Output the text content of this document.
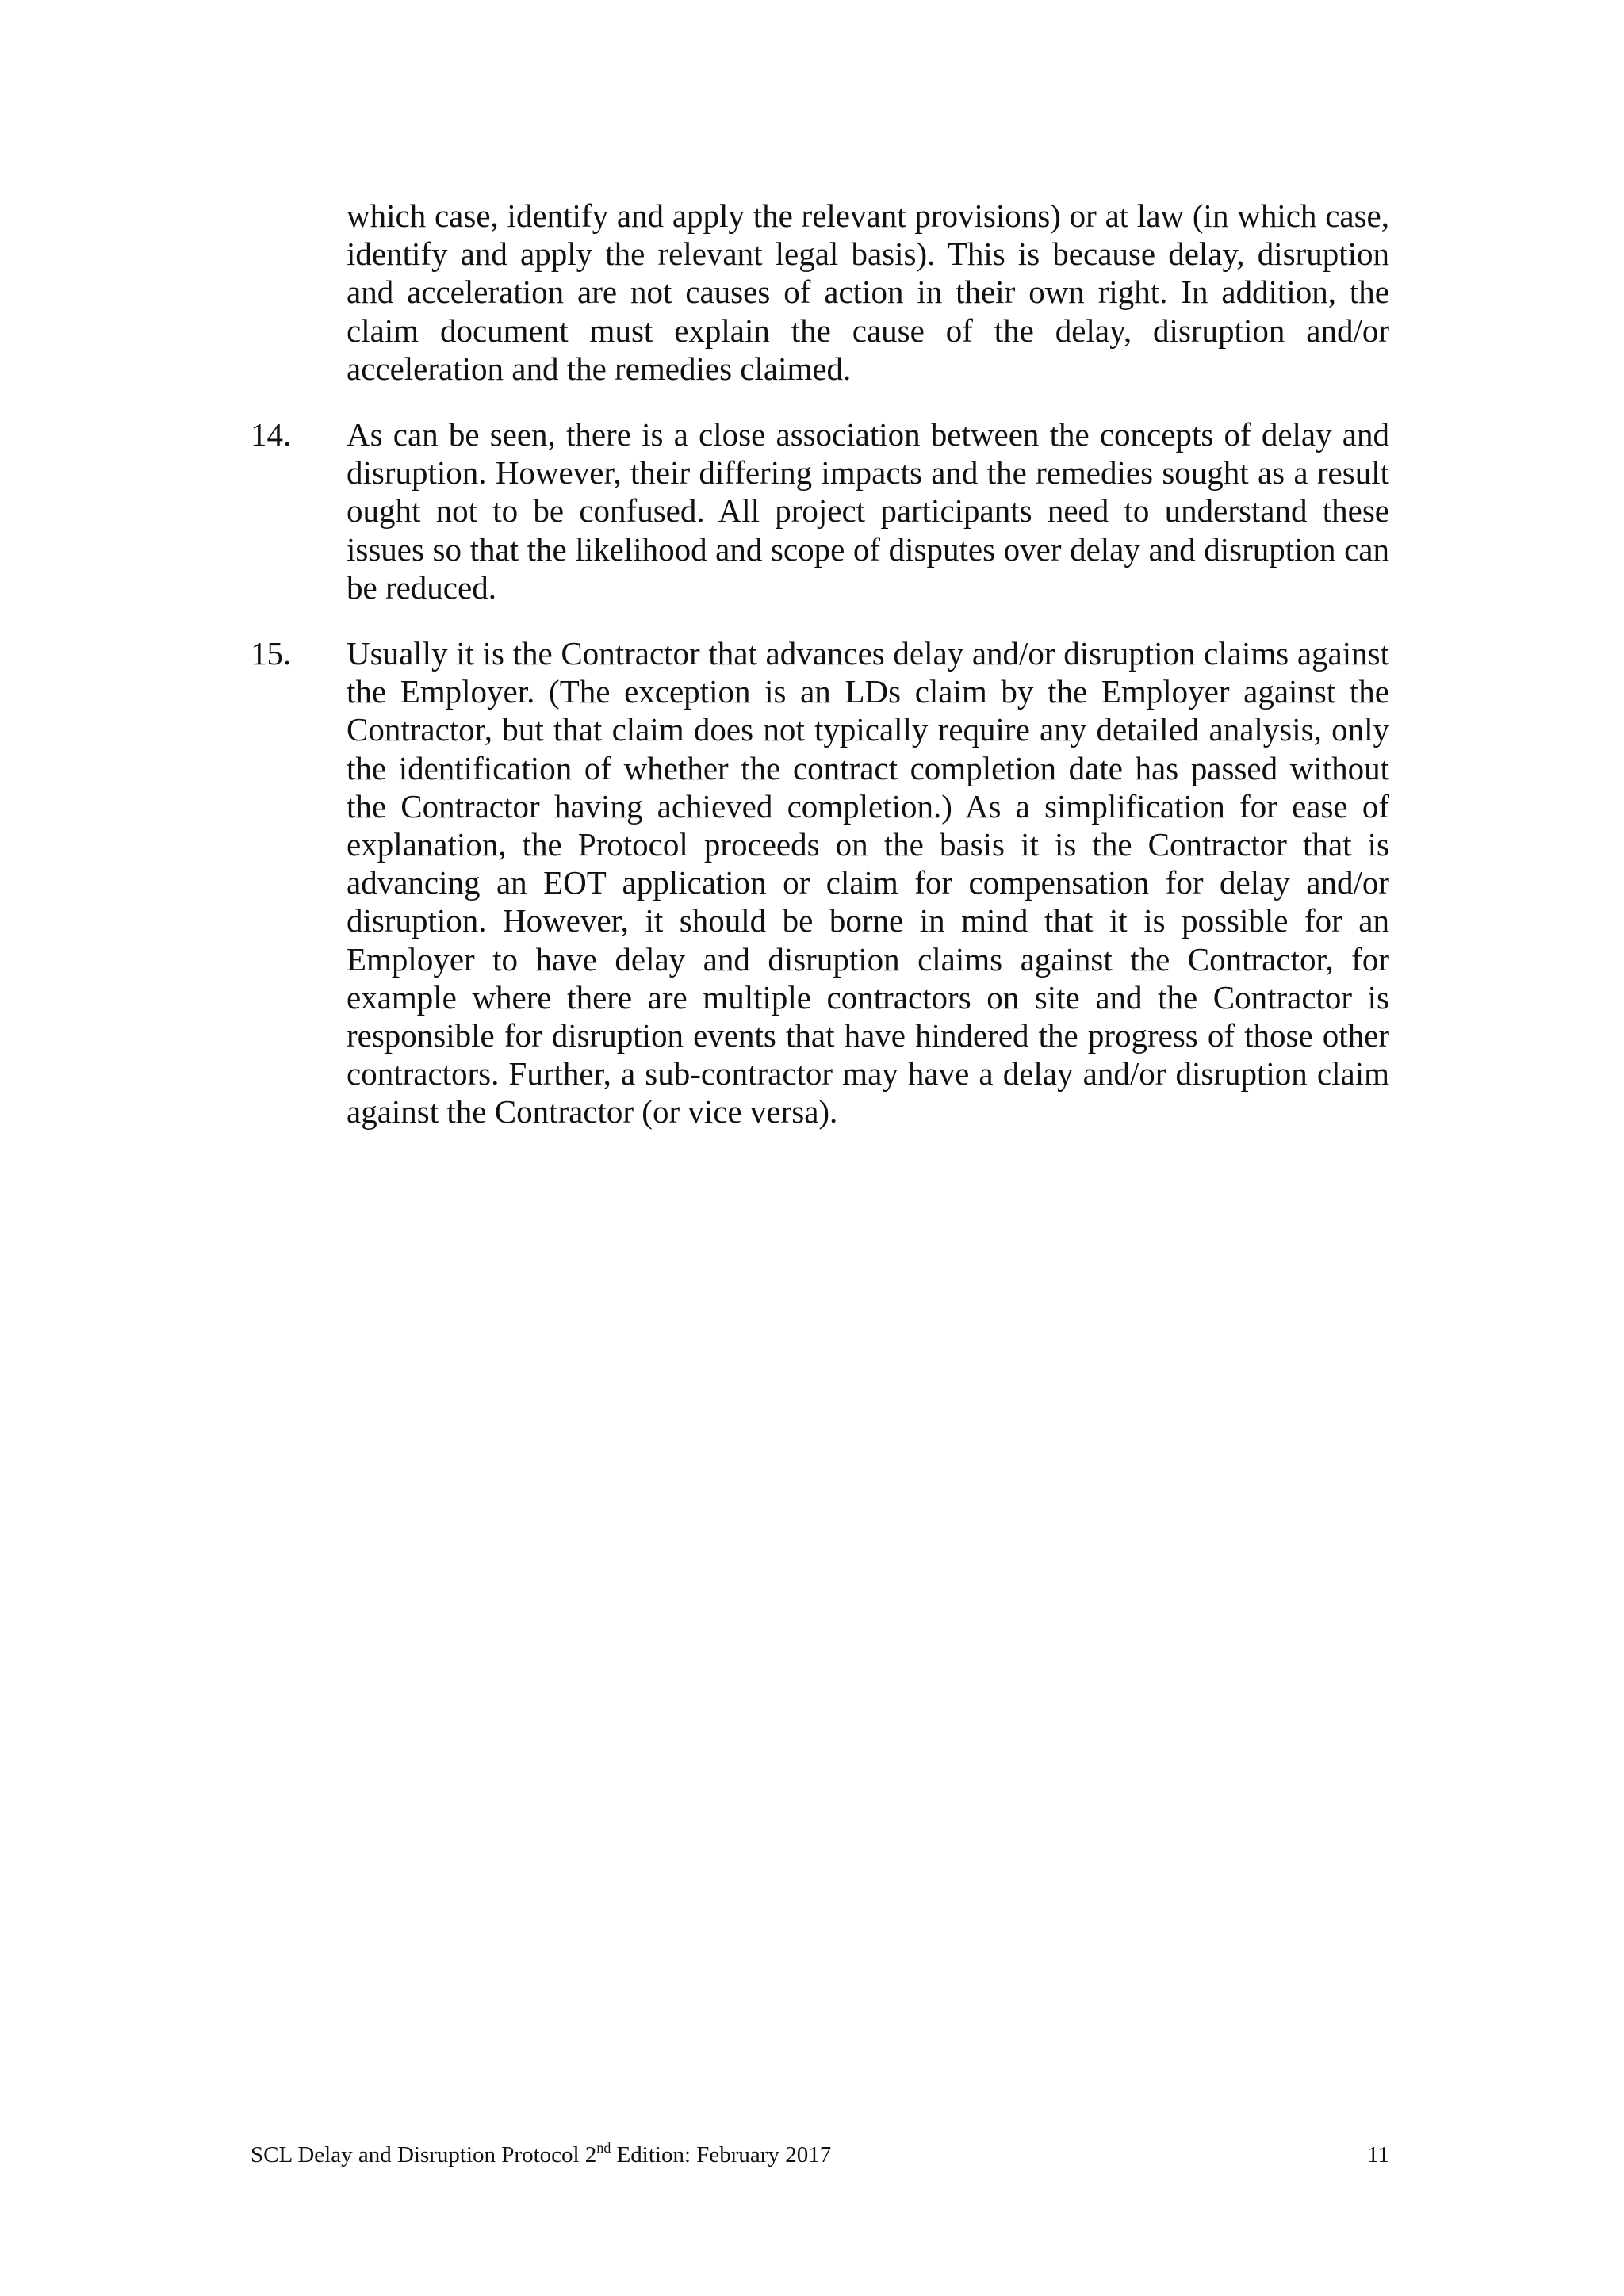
which case, identify and apply the relevant provisions) or at law (in which case, identify and apply the relevant legal basis). This is because delay, disruption and acceleration are not causes of action in their own right. In addition, the claim document must explain the cause of the delay, disruption and/or acceleration and the remedies claimed.
14. As can be seen, there is a close association between the concepts of delay and disruption. However, their differing impacts and the remedies sought as a result ought not to be confused. All project participants need to understand these issues so that the likelihood and scope of disputes over delay and disruption can be reduced.
15. Usually it is the Contractor that advances delay and/or disruption claims against the Employer. (The exception is an LDs claim by the Employer against the Contractor, but that claim does not typically require any detailed analysis, only the identification of whether the contract completion date has passed without the Contractor having achieved completion.) As a simplification for ease of explanation, the Protocol proceeds on the basis it is the Contractor that is advancing an EOT application or claim for compensation for delay and/or disruption. However, it should be borne in mind that it is possible for an Employer to have delay and disruption claims against the Contractor, for example where there are multiple contractors on site and the Contractor is responsible for disruption events that have hindered the progress of those other contractors. Further, a sub-contractor may have a delay and/or disruption claim against the Contractor (or vice versa).
SCL Delay and Disruption Protocol 2nd Edition: February 2017	11
